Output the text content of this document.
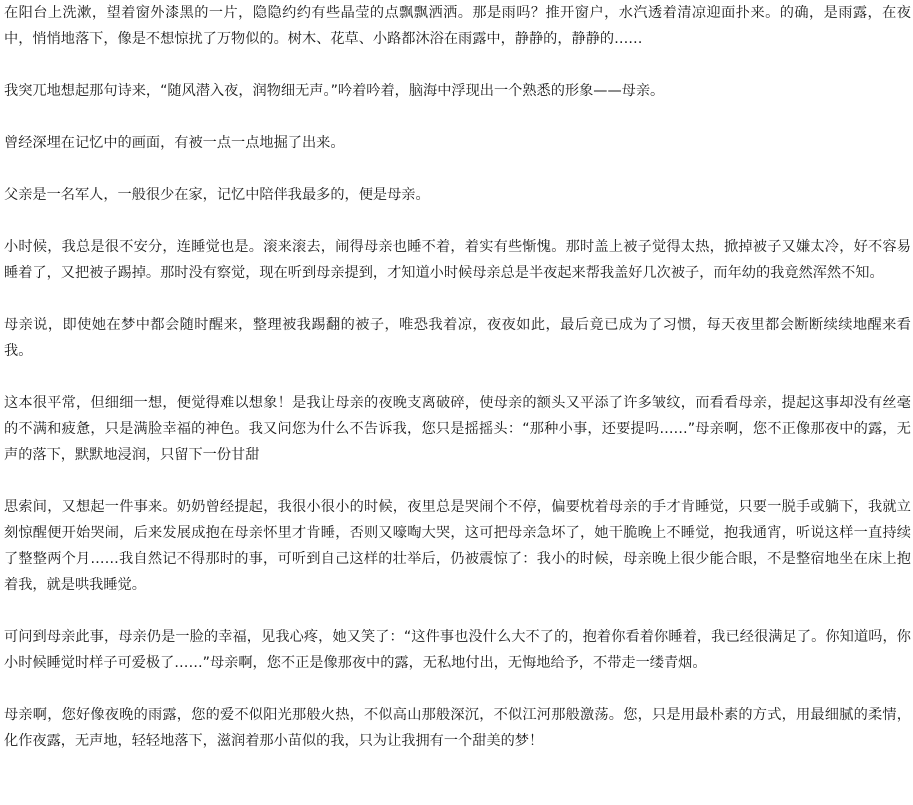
在阳台上洗漱，望着窗外漆黑的一片，隐隐约约有些晶莹的点飘飘洒洒。那是雨吗？推开窗户，水汽透着清凉迎面扑来。的确，是雨露，在夜中，悄悄地落下，像是不想惊扰了万物似的。树木、花草、小路都沐浴在雨露中，静静的，静静的……

我突兀地想起那句诗来，“随风潜入夜，润物细无声。”吟着吟着，脑海中浮现出一个熟悉的形象——母亲。

曾经深埋在记忆中的画面，有被一点一点地掘了出来。

父亲是一名军人，一般很少在家，记忆中陪伴我最多的，便是母亲。

小时候，我总是很不安分，连睡觉也是。滚来滚去，闹得母亲也睡不着，着实有些惭愧。那时盖上被子觉得太热，掀掉被子又嫌太冷，好不容易睡着了，又把被子踢掉。那时没有察觉，现在听到母亲提到，才知道小时候母亲总是半夜起来帮我盖好几次被子，而年幼的我竟然浑然不知。

母亲说，即使她在梦中都会随时醒来，整理被我踢翻的被子，唯恐我着凉，夜夜如此，最后竟已成为了习惯，每天夜里都会断断续续地醒来看我。

这本很平常，但细细一想，便觉得难以想象！是我让母亲的夜晚支离破碎，使母亲的额头又平添了许多皱纹，而看看母亲，提起这事却没有丝毫的不满和疲惫，只是满脸幸福的神色。我又问您为什么不告诉我，您只是摇摇头：“那种小事，还要提吗……”母亲啊，您不正像那夜中的露，无声的落下，默默地浸润，只留下一份甘甜

思索间，又想起一件事来。奶奶曾经提起，我很小很小的时候，夜里总是哭闹个不停，偏要枕着母亲的手才肯睡觉，只要一脱手或躺下，我就立刻惊醒便开始哭闹，后来发展成抱在母亲怀里才肯睡，否则又嚎啕大哭，这可把母亲急坏了，她干脆晚上不睡觉，抱我通宵，听说这样一直持续了整整两个月……我自然记不得那时的事，可听到自己这样的壮举后，仍被震惊了：我小的时候，母亲晚上很少能合眼，不是整宿地坐在床上抱着我，就是哄我睡觉。

可问到母亲此事，母亲仍是一脸的幸福，见我心疼，她又笑了：“这件事也没什么大不了的，抱着你看着你睡着，我已经很满足了。你知道吗，你小时候睡觉时样子可爱极了……”母亲啊，您不正是像那夜中的露，无私地付出，无悔地给予，不带走一缕青烟。

母亲啊，您好像夜晚的雨露，您的爱不似阳光那般火热，不似高山那般深沉，不似江河那般激荡。您，只是用最朴素的方式，用最细腻的柔情，化作夜露，无声地，轻轻地落下，滋润着那小苗似的我，只为让我拥有一个甜美的梦！
